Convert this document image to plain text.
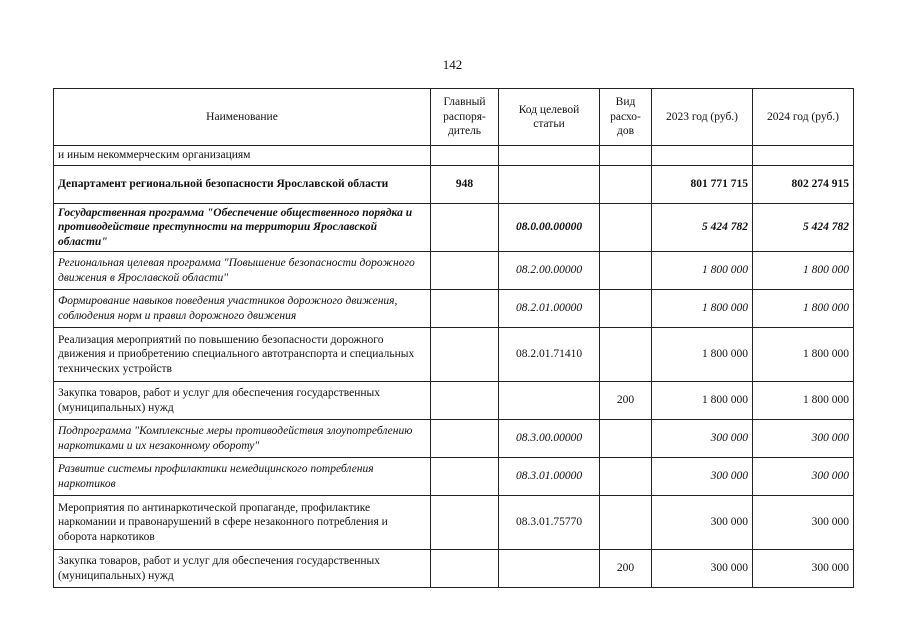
142
Наименование	Главный распоря-дитель	Код целевой статьи	Вид расхо-дов	2023 год (руб.)	2024 год (руб.)
и иным некоммерческим организациям					
Департамент региональной безопасности Ярославской области	948			801 771 715	802 274 915
Государственная программа "Обеспечение общественного порядка и противодействие преступности на территории Ярославской области"		08.0.00.00000		5 424 782	5 424 782
Региональная целевая программа "Повышение безопасности дорожного движения в Ярославской области"		08.2.00.00000		1 800 000	1 800 000
Формирование навыков поведения участников дорожного движения, соблюдения норм и правил дорожного движения		08.2.01.00000		1 800 000	1 800 000
Реализация мероприятий по повышению безопасности дорожного движения и приобретению специального автотранспорта и специальных технических устройств		08.2.01.71410		1 800 000	1 800 000
Закупка товаров, работ и услуг для обеспечения государственных (муниципальных) нужд			200	1 800 000	1 800 000
Подпрограмма "Комплексные меры противодействия злоупотреблению наркотиками и их незаконному обороту"		08.3.00.00000		300 000	300 000
Развитие системы профилактики немедицинского потребления наркотиков		08.3.01.00000		300 000	300 000
Мероприятия по антинаркотической пропаганде, профилактике наркомании и правонарушений в сфере незаконного потребления и оборота наркотиков		08.3.01.75770		300 000	300 000
Закупка товаров, работ и услуг для обеспечения государственных (муниципальных) нужд			200	300 000	300 000
